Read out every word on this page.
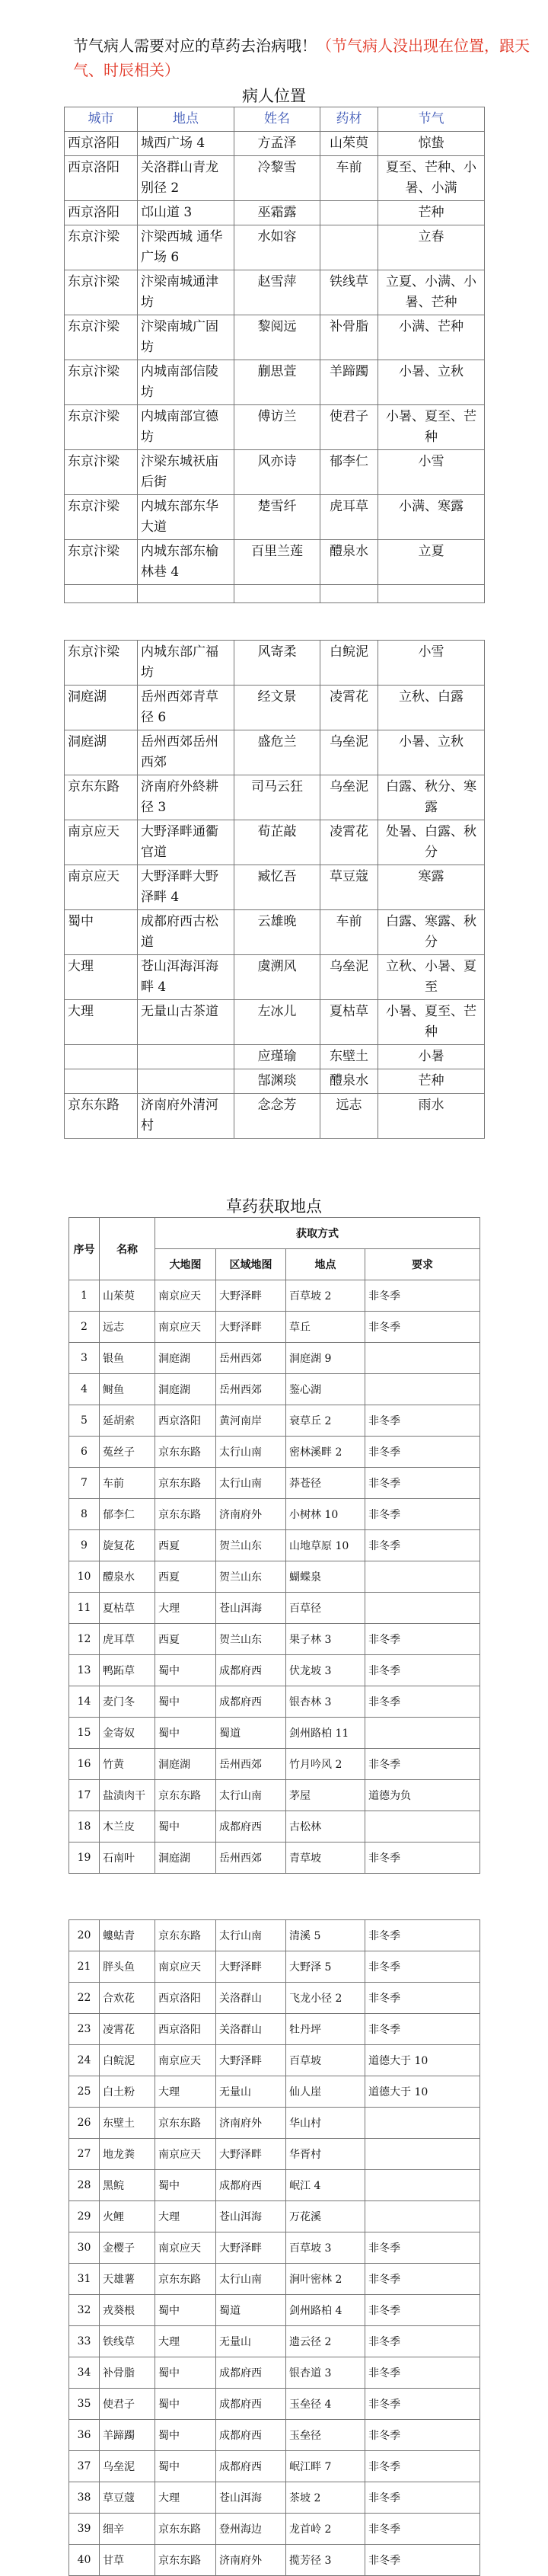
节气病人需要对应的草药去治病哦！（节气病人没出现在位置，跟天气、时辰相关）
病人位置
城市	地点	姓名	药材	节气
西京洛阳	城西广场 4	方孟泽	山茱萸	惊蛰
西京洛阳	关洛群山青龙别径 2	冷黎雪	车前	夏至、芒种、小暑、小满
西京洛阳	邙山道 3	巫霜露		芒种
东京汴梁	汴梁西城 通华广场 6	水如容		立春
东京汴梁	汴梁南城通津坊	赵雪萍	铁线草	立夏、小满、小暑、芒种
东京汴梁	汴梁南城广固坊	黎阅远	补骨脂	小满、芒种
东京汴梁	内城南部信陵坊	蒯思萱	羊蹄躅	小暑、立秋
东京汴梁	内城南部宣德坊	傅访兰	使君子	小暑、夏至、芒种
东京汴梁	汴梁东城祆庙后街	风亦诗	郁李仁	小雪
东京汴梁	内城东部东华大道	楚雪纤	虎耳草	小满、寒露
东京汴梁	内城东部东榆林巷 4	百里兰莲	醴泉水	立夏

东京汴梁	内城东部广福坊	风寄柔	白鲩泥	小雪
洞庭湖	岳州西郊青草径 6	经文景	凌霄花	立秋、白露
洞庭湖	岳州西郊岳州西郊	盛危兰	乌垒泥	小暑、立秋
京东东路	济南府外終耕径 3	司马云狂	乌垒泥	白露、秋分、寒露
南京应天	大野泽畔通衢官道	荀芷敲	凌霄花	处暑、白露、秋分
南京应天	大野泽畔大野泽畔 4	臧忆吾	草豆蔻	寒露
蜀中	成都府西古松道	云雄晚	车前	白露、寒露、秋分
大理	苍山洱海洱海畔 4	虞溯风	乌垒泥	立秋、小暑、夏至
大理	无量山古茶道	左冰儿	夏枯草	小暑、夏至、芒种
		应瑾瑜	东壁土	小暑
		郜渊琰	醴泉水	芒种
京东东路	济南府外清河村	念念芳	远志	雨水
草药获取地点
序号	名称	获取方式			
		大地图	区域地图	地点	要求
1	山茱萸	南京应天	大野泽畔	百草坡 2	非冬季
2	远志	南京应天	大野泽畔	草丘	非冬季
3	银鱼	洞庭湖	岳州西郊	洞庭湖 9	
4	鲥鱼	洞庭湖	岳州西郊	鉴心湖	
5	延胡索	西京洛阳	黄河南岸	衰草丘 2	非冬季
6	菟丝子	京东东路	太行山南	密林溪畔 2	非冬季
7	车前	京东东路	太行山南	莽苍径	非冬季
8	郁李仁	京东东路	济南府外	小树林 10	非冬季
9	旋复花	西夏	贺兰山东	山地草原 10	非冬季
10	醴泉水	西夏	贺兰山东	蝴蝶泉	
11	夏枯草	大理	苍山洱海	百草径	
12	虎耳草	西夏	贺兰山东	果子林 3	非冬季
13	鸭跖草	蜀中	成都府西	伏龙坡 3	非冬季
14	麦门冬	蜀中	成都府西	银杏林 3	非冬季
15	金寄奴	蜀中	蜀道	剑州路柏 11	
16	竹黄	洞庭湖	岳州西郊	竹月吟风 2	非冬季
17	盐渍肉干	京东东路	太行山南	茅屋	道德为负
18	木兰皮	蜀中	成都府西	古松林	
19	石南叶	洞庭湖	岳州西郊	青草坡	非冬季
20	螻蛄青	京东东路	太行山南	清溪 5	非冬季
21	胖头鱼	南京应天	大野泽畔	大野泽 5	非冬季
22	合欢花	西京洛阳	关洛群山	飞龙小径 2	非冬季
23	凌霄花	西京洛阳	关洛群山	牡丹坪	非冬季
24	白鲩泥	南京应天	大野泽畔	百草坡	道德大于 10
25	白土粉	大理	无量山	仙人崖	道德大于 10
26	东壁土	京东东路	济南府外	华山村	
27	地龙粪	南京应天	大野泽畔	华胥村	
28	黑鲩	蜀中	成都府西	岷江 4	
29	火鲤	大理	苍山洱海	万花溪	
30	金樱子	南京应天	大野泽畔	百草坡 3	非冬季
31	天雄薯	京东东路	太行山南	涧叶密林 2	非冬季
32	戎葵根	蜀中	蜀道	剑州路柏 4	非冬季
33	铁线草	大理	无量山	遗云径 2	非冬季
34	补骨脂	蜀中	成都府西	银杏道 3	非冬季
35	使君子	蜀中	成都府西	玉垒径 4	非冬季
36	羊蹄躅	蜀中	成都府西	玉垒径	非冬季
37	乌垒泥	蜀中	成都府西	岷江畔 7	非冬季
38	草豆蔻	大理	苍山洱海	茶坡 2	非冬季
39	细辛	京东东路	登州海边	龙首岭 2	非冬季
40	甘草	京东东路	济南府外	揽芳径 3	非冬季
